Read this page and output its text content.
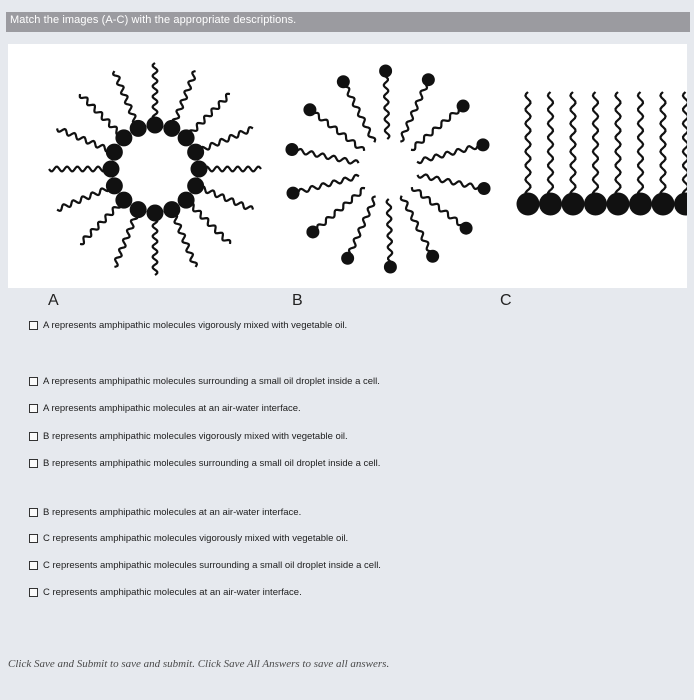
Match the images (A-C) with the appropriate descriptions.
A	B	C
A represents amphipathic molecules vigorously mixed with vegetable oil.
A represents amphipathic molecules surrounding a small oil droplet inside a cell.
A represents amphipathic molecules at an air-water interface.
B represents amphipathic molecules vigorously mixed with vegetable oil.
B represents amphipathic molecules surrounding a small oil droplet inside a cell.
B represents amphipathic molecules at an air-water interface.
C represents amphipathic molecules vigorously mixed with vegetable oil.
C represents amphipathic molecules surrounding a small oil droplet inside a cell.
C represents amphipathic molecules at an air-water interface.
Click Save and Submit to save and submit. Click Save All Answers to save all answers.
